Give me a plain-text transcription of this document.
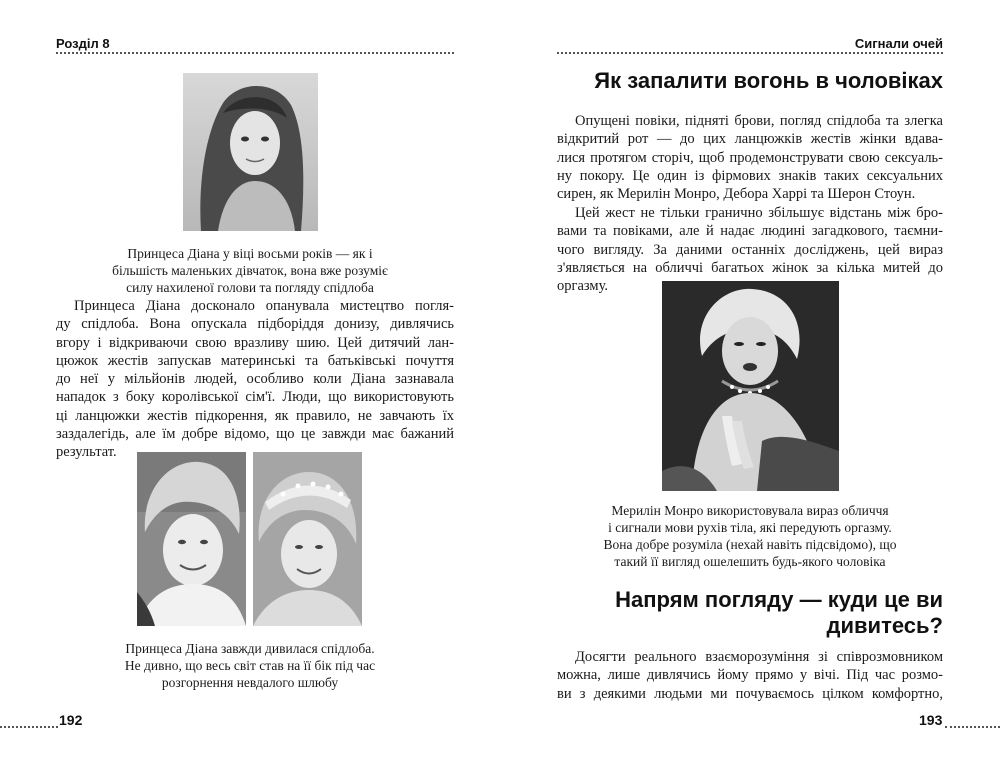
Розділ 8

Принцеса Діана у віці восьми років — як і
більшість маленьких дівчаток, вона вже розуміє
силу нахиленої голови та погляду спідлоба

Принцеса Діана досконало опанувала мистецтво погля-
ду спідлоба. Вона опускала підборіддя донизу, дивлячись
вгору і відкриваючи свою вразливу шию. Цей дитячий лан-
цюжок жестів запускав материнські та батьківські почуття
до неї у мільйонів людей, особливо коли Діана зазнавала
нападок з боку королівської сім'ї. Люди, що використовують
ці ланцюжки жестів підкорення, як правило, не завчають їх
заздалегідь, але їм добре відомо, що це завжди має бажаний
результат.

Принцеса Діана завжди дивилася спідлоба.
Не дивно, що весь світ став на її бік під час
розгорнення невдалого шлюбу

192
Сигнали очей
Як запалити вогонь в чоловіках

Опущені повіки, підняті брови, погляд спідлоба та злегка
відкритий рот — до цих ланцюжків жестів жінки вдава-
лися протягом сторіч, щоб продемонструвати свою сексуаль-
ну покору. Це один із фірмових знаків таких сексуальних
сирен, як Мерилін Монро, Дебора Харрі та Шерон Стоун.

Цей жест не тільки гранично збільшує відстань між бро-
вами та повіками, але й надає людині загадкового, таємни-
чого вигляду. За даними останніх досліджень, цей вираз
з'являється на обличчі багатьох жінок за кілька митей до
оргазму.

Мерилін Монро використовувала вираз обличчя
і сигнали мови рухів тіла, які передують оргазму.
Вона добре розуміла (нехай навіть підсвідомо), що
такий її вигляд ошелешить будь-якого чоловіка

Напрям погляду — куди це ви
дивитесь?

Досягти реального взаєморозуміння зі співрозмовником
можна, лише дивлячись йому прямо у вічі. Під час розмо-
ви з деякими людьми ми почуваємось цілком комфортно,

193
